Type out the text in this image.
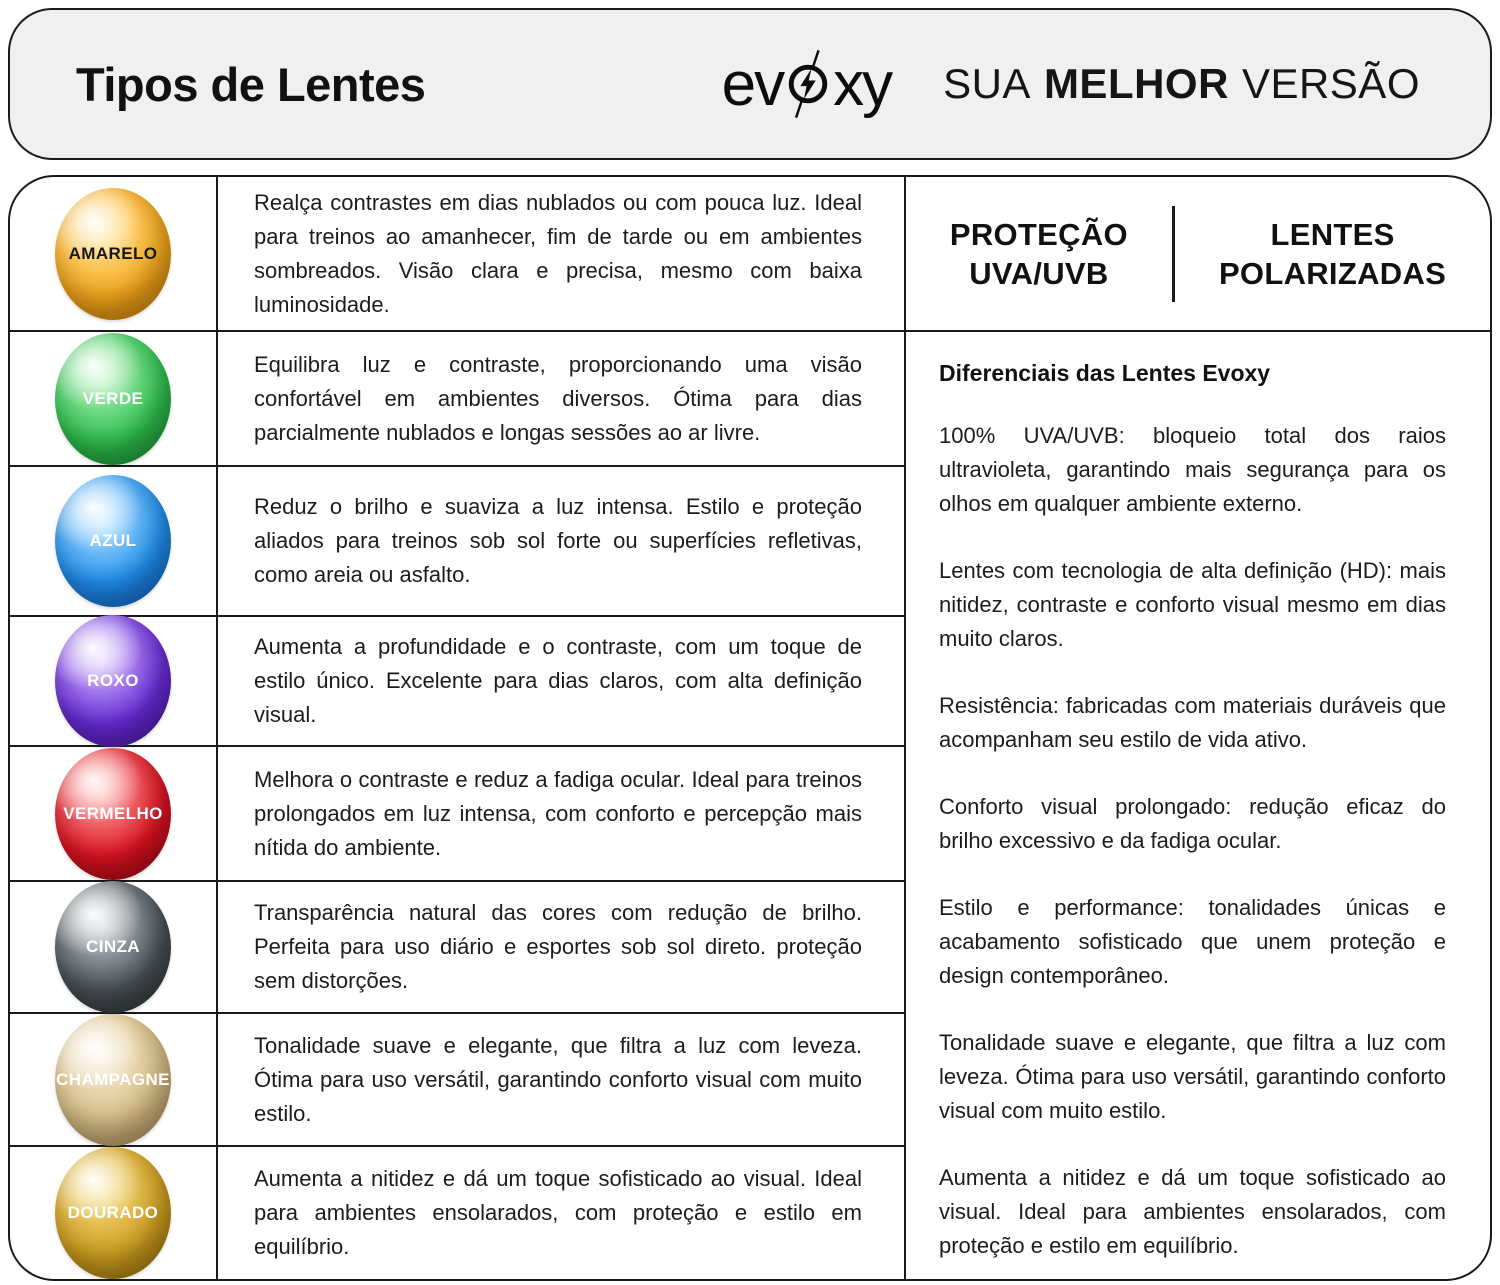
Tipos de Lentes	ev xy SUA MELHOR VERSÃO
AMARELO

Realça contrastes em dias nublados ou com pouca luz. Ideal para treinos ao amanhecer, fim de tarde ou em ambientes sombreados. Visão clara e precisa, mesmo com baixa luminosidade.

VERDE

Equilibra luz e contraste, proporcionando uma visão confortável em ambientes diversos. Ótima para dias parcialmente nublados e longas sessões ao ar livre.

AZUL

Reduz o brilho e suaviza a luz intensa. Estilo e proteção aliados para treinos sob sol forte ou superfícies refletivas, como areia ou asfalto.

ROXO

Aumenta a profundidade e o contraste, com um toque de estilo único. Excelente para dias claros, com alta definição visual.

VERMELHO

Melhora o contraste e reduz a fadiga ocular. Ideal para treinos prolongados em luz intensa, com conforto e percepção mais nítida do ambiente.

CINZA

Transparência natural das cores com redução de brilho. Perfeita para uso diário e esportes sob sol direto. proteção sem distorções.

CHAMPAGNE

Tonalidade suave e elegante, que filtra a luz com leveza. Ótima para uso versátil, garantindo conforto visual com muito estilo.

DOURADO

Aumenta a nitidez e dá um toque sofisticado ao visual. Ideal para ambientes ensolarados, com proteção e estilo em equilíbrio.

PROTEÇÃO
UVA/UVB
LENTES
POLARIZADAS
Diferenciais das Lentes Evoxy

100% UVA/UVB: bloqueio total dos raios ultravioleta, garantindo mais segurança para os olhos em qualquer ambiente externo.

Lentes com tecnologia de alta definição (HD): mais nitidez, contraste e conforto visual mesmo em dias muito claros.

Resistência: fabricadas com materiais duráveis que acompanham seu estilo de vida ativo.

Conforto visual prolongado: redução eficaz do brilho excessivo e da fadiga ocular.

Estilo e performance: tonalidades únicas e acabamento sofisticado que unem proteção e design contemporâneo.

Tonalidade suave e elegante, que filtra a luz com leveza. Ótima para uso versátil, garantindo conforto visual com muito estilo.

Aumenta a nitidez e dá um toque sofisticado ao visual. Ideal para ambientes ensolarados, com proteção e estilo em equilíbrio.
